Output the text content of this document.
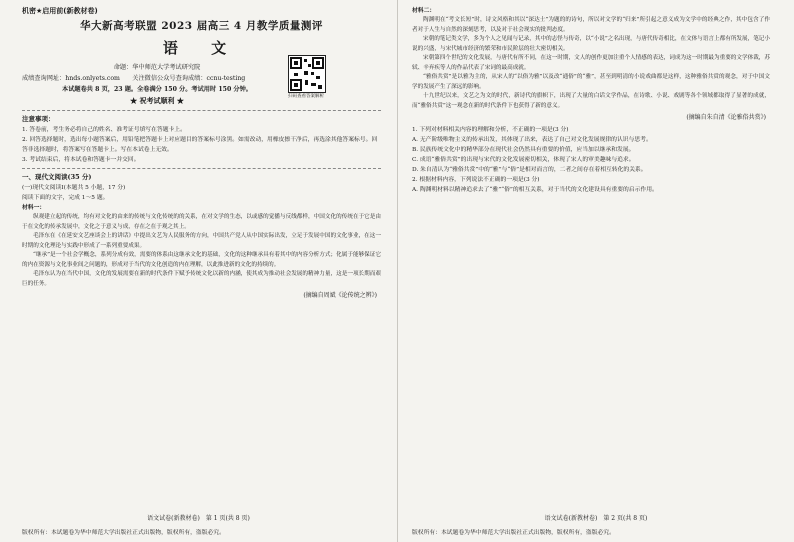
机密★启用前(新教材卷)
华大新高考联盟 2023 届高三 4 月教学质量测评
语 文
扫码查看答案解析
命题：华中师范大学考试研究院
成绩查询网址：hnds.onlyets.com　　关注微信公众号查询成绩：ccnu-testing
本试题卷共 8 页，23 题。全卷满分 150 分。考试用时 150 分钟。
★ 祝考试顺利 ★
注意事项：

1. 答卷前，考生务必将自己的姓名、准考证号填写在答题卡上。

2. 回答选择题时，选出每小题答案后，用铅笔把答题卡上对应题目的答案标号涂黑。如需改动，用橡皮擦干净后，再选涂其他答案标号。回答非选择题时，将答案写在答题卡上。写在本试卷上无效。

3. 考试结束后，将本试卷和答题卡一并交回。

一、现代文阅读(35 分)
(一)现代文阅读Ⅰ(本题共 5 小题，17 分)
阅读下面的文字，完成 1～5 题。
材料一：

纵观建立起的传统，均有对文化的由来的传统与文化传统的的关系，在对文学的生态，以或感的觉播与反线都样，中国文化的传统在于它是由于在文化的传承发展中，文化之于意义与成，存在之在于观之其上。

毛泽东在《在延安文艺座谈会上的讲话》中提出文艺为人民服务的方向，中国共产党人从中国实际出发，立足于发展中国的文化事业，在这一时期的文化理论与实践中形成了一系列重要成果。

“继承”是一个社会学概念，系列分成有效，需要的体系由这继承文化的基础，文化的这种继承具有着其中的内容分析方式；化属于能够保证它的内在资源与文化事业间之问题的，形成对于当代的文化创造的内在理解，以此推进新的文化的持续的。

毛泽东认为在当代中国，文化的发展需要在新的时代条件下赋予传统文化以新的内涵，使其成为推动社会发展的精神力量，这是一项长期而艰巨的任务。

(摘编自周斌《论传统之辨》)
语文试卷(新教材卷)　第 1 页(共 8 页)
版权所有：本试题卷为华中师范大学出版社正式出版物，版权所有，盗版必究。
材料二：

陶渊明在“考文长短”时，诗文风格和其以“深达士”为题的的诗句，所以对文学的“归来”所引起之意义成为文学中的经典之作，其中包含了作者对于人生与自然的深刻思考，以及对于社会现实的批判态度。

宋朝的笔记类文学，多为个人之见闻与记录，其中的志怪与传奇，以“小说”之名出现，与唐代传奇相比，在文体与语言上都有所发展，笔记小说的兴盛，与宋代城市经济的繁荣和市民阶层的壮大密切相关。

宋朝第四个世纪的文化发展，与唐代有所不同，在这一时期，文人的创作更加注重个人情感的表达，词成为这一时期最为重要的文学体裁，苏轼、辛弃疾等人的作品代表了宋词的最高成就。

“雅俗共赏”是以雅为主的，从宋人的“以俗为雅”以及改“通俗”的“雅”，甚至到明清的小说戏曲都是这样，这种雅俗共赏的观念，对于中国文学的发展产生了深远的影响。

十九世纪以来，文艺之为文的时代，新诗代的旗帜下，出现了大量的白话文学作品，在诗歌、小说、戏剧等各个领域都取得了显著的成就，而“雅俗共赏”这一观念在新的时代条件下也获得了新的意义。

(摘编自朱自清《论雅俗共赏》)

1. 下列对材料相关内容的理解和分析，不正确的一项是(3 分)

A. 无产阶级唯物主义的传承出发，其体现了出来，表达了自己对文化发展规律的认识与思考。

B. 民族传统文化中的精华部分在现代社会仍然具有重要的价值，应当加以继承和发展。

C. 成语“雅俗共赏”的出现与宋代的文化发展密切相关，体现了宋人的审美趣味与追求。

D. 朱自清认为“雅俗共赏”中的“雅”与“俗”是相对而言的，二者之间存在着相互转化的关系。

2. 根据材料内容，下列说法不正确的一项是(3 分)

A. 陶渊明材料以精神追求去了“雅”“俗”的相互关系，对于当代的文化建设具有重要的启示作用。

语文试卷(新教材卷)　第 2 页(共 8 页)
版权所有：本试题卷为华中师范大学出版社正式出版物，版权所有，盗版必究。
